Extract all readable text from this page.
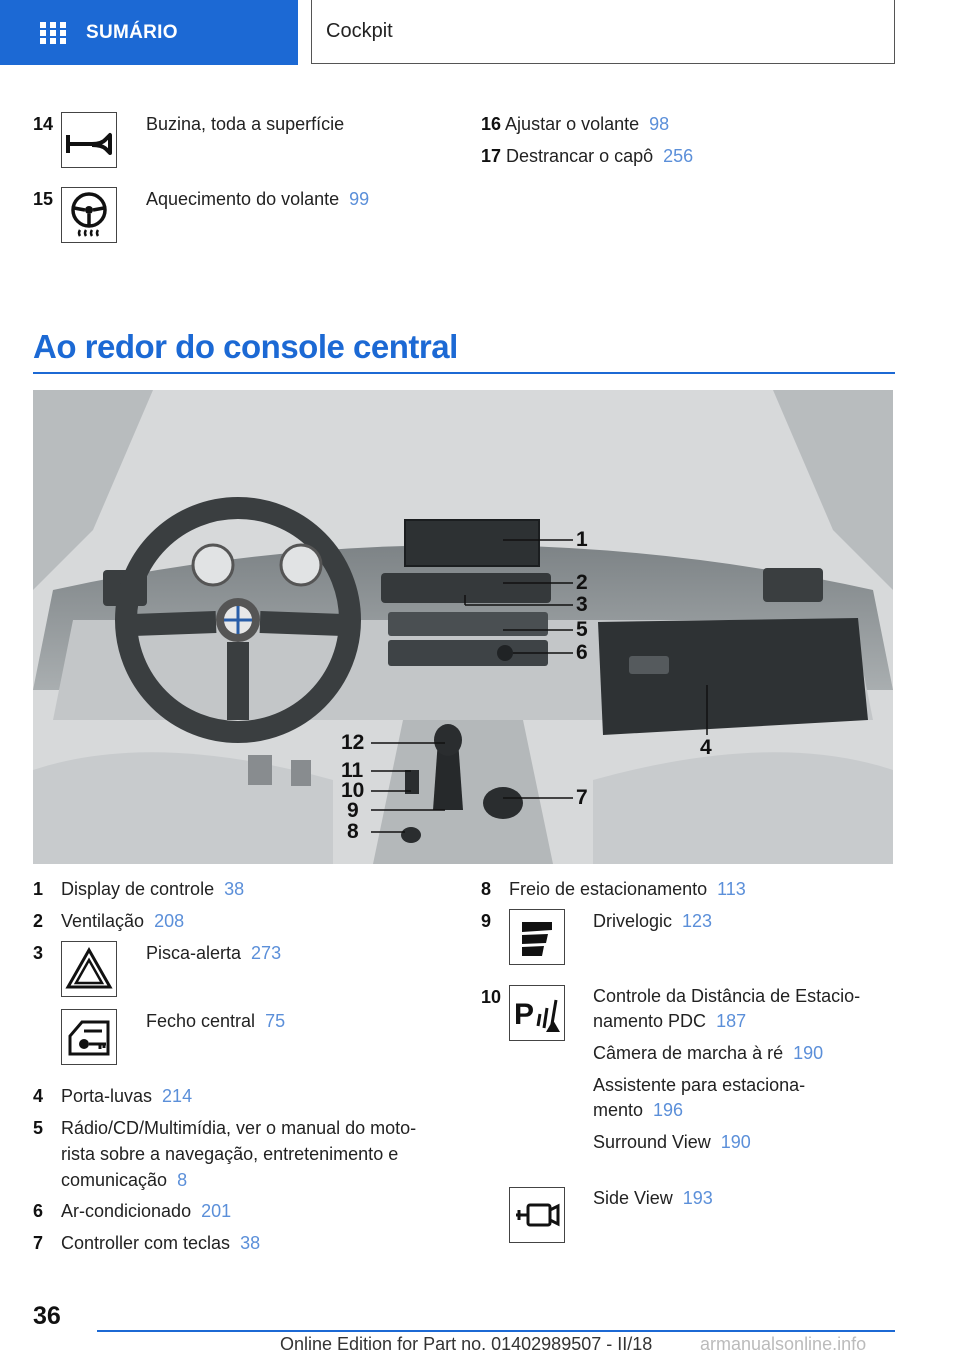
SUMÁRIO	Cockpit
14	Buzina, toda a superfície
15	Aquecimento do volante 99
16 Ajustar o volante 98
17 Destrancar o capô 256
Ao redor do console central
1
2
3
4
5
6
7
8
9
10
11
12
1 Display de controle 38
2 Ventilação 208
3	Pisca-alerta 273
Fecho central 75
4 Porta-luvas 214
5 Rádio/CD/Multimídia, ver o manual do moto-
rista sobre a navegação, entretenimento e
comunicação 8
6 Ar-condicionado 201
7 Controller com teclas 38
8 Freio de estacionamento 113
9	Drivelogic 123
10
P
Controle da Distância de Estacio-
namento PDC 187
Câmera de marcha à ré 190
Assistente para estaciona-
mento 196
Surround View 190
Side View 193
36
Online Edition for Part no. 01402989507 - II/18	armanualsonline.info
